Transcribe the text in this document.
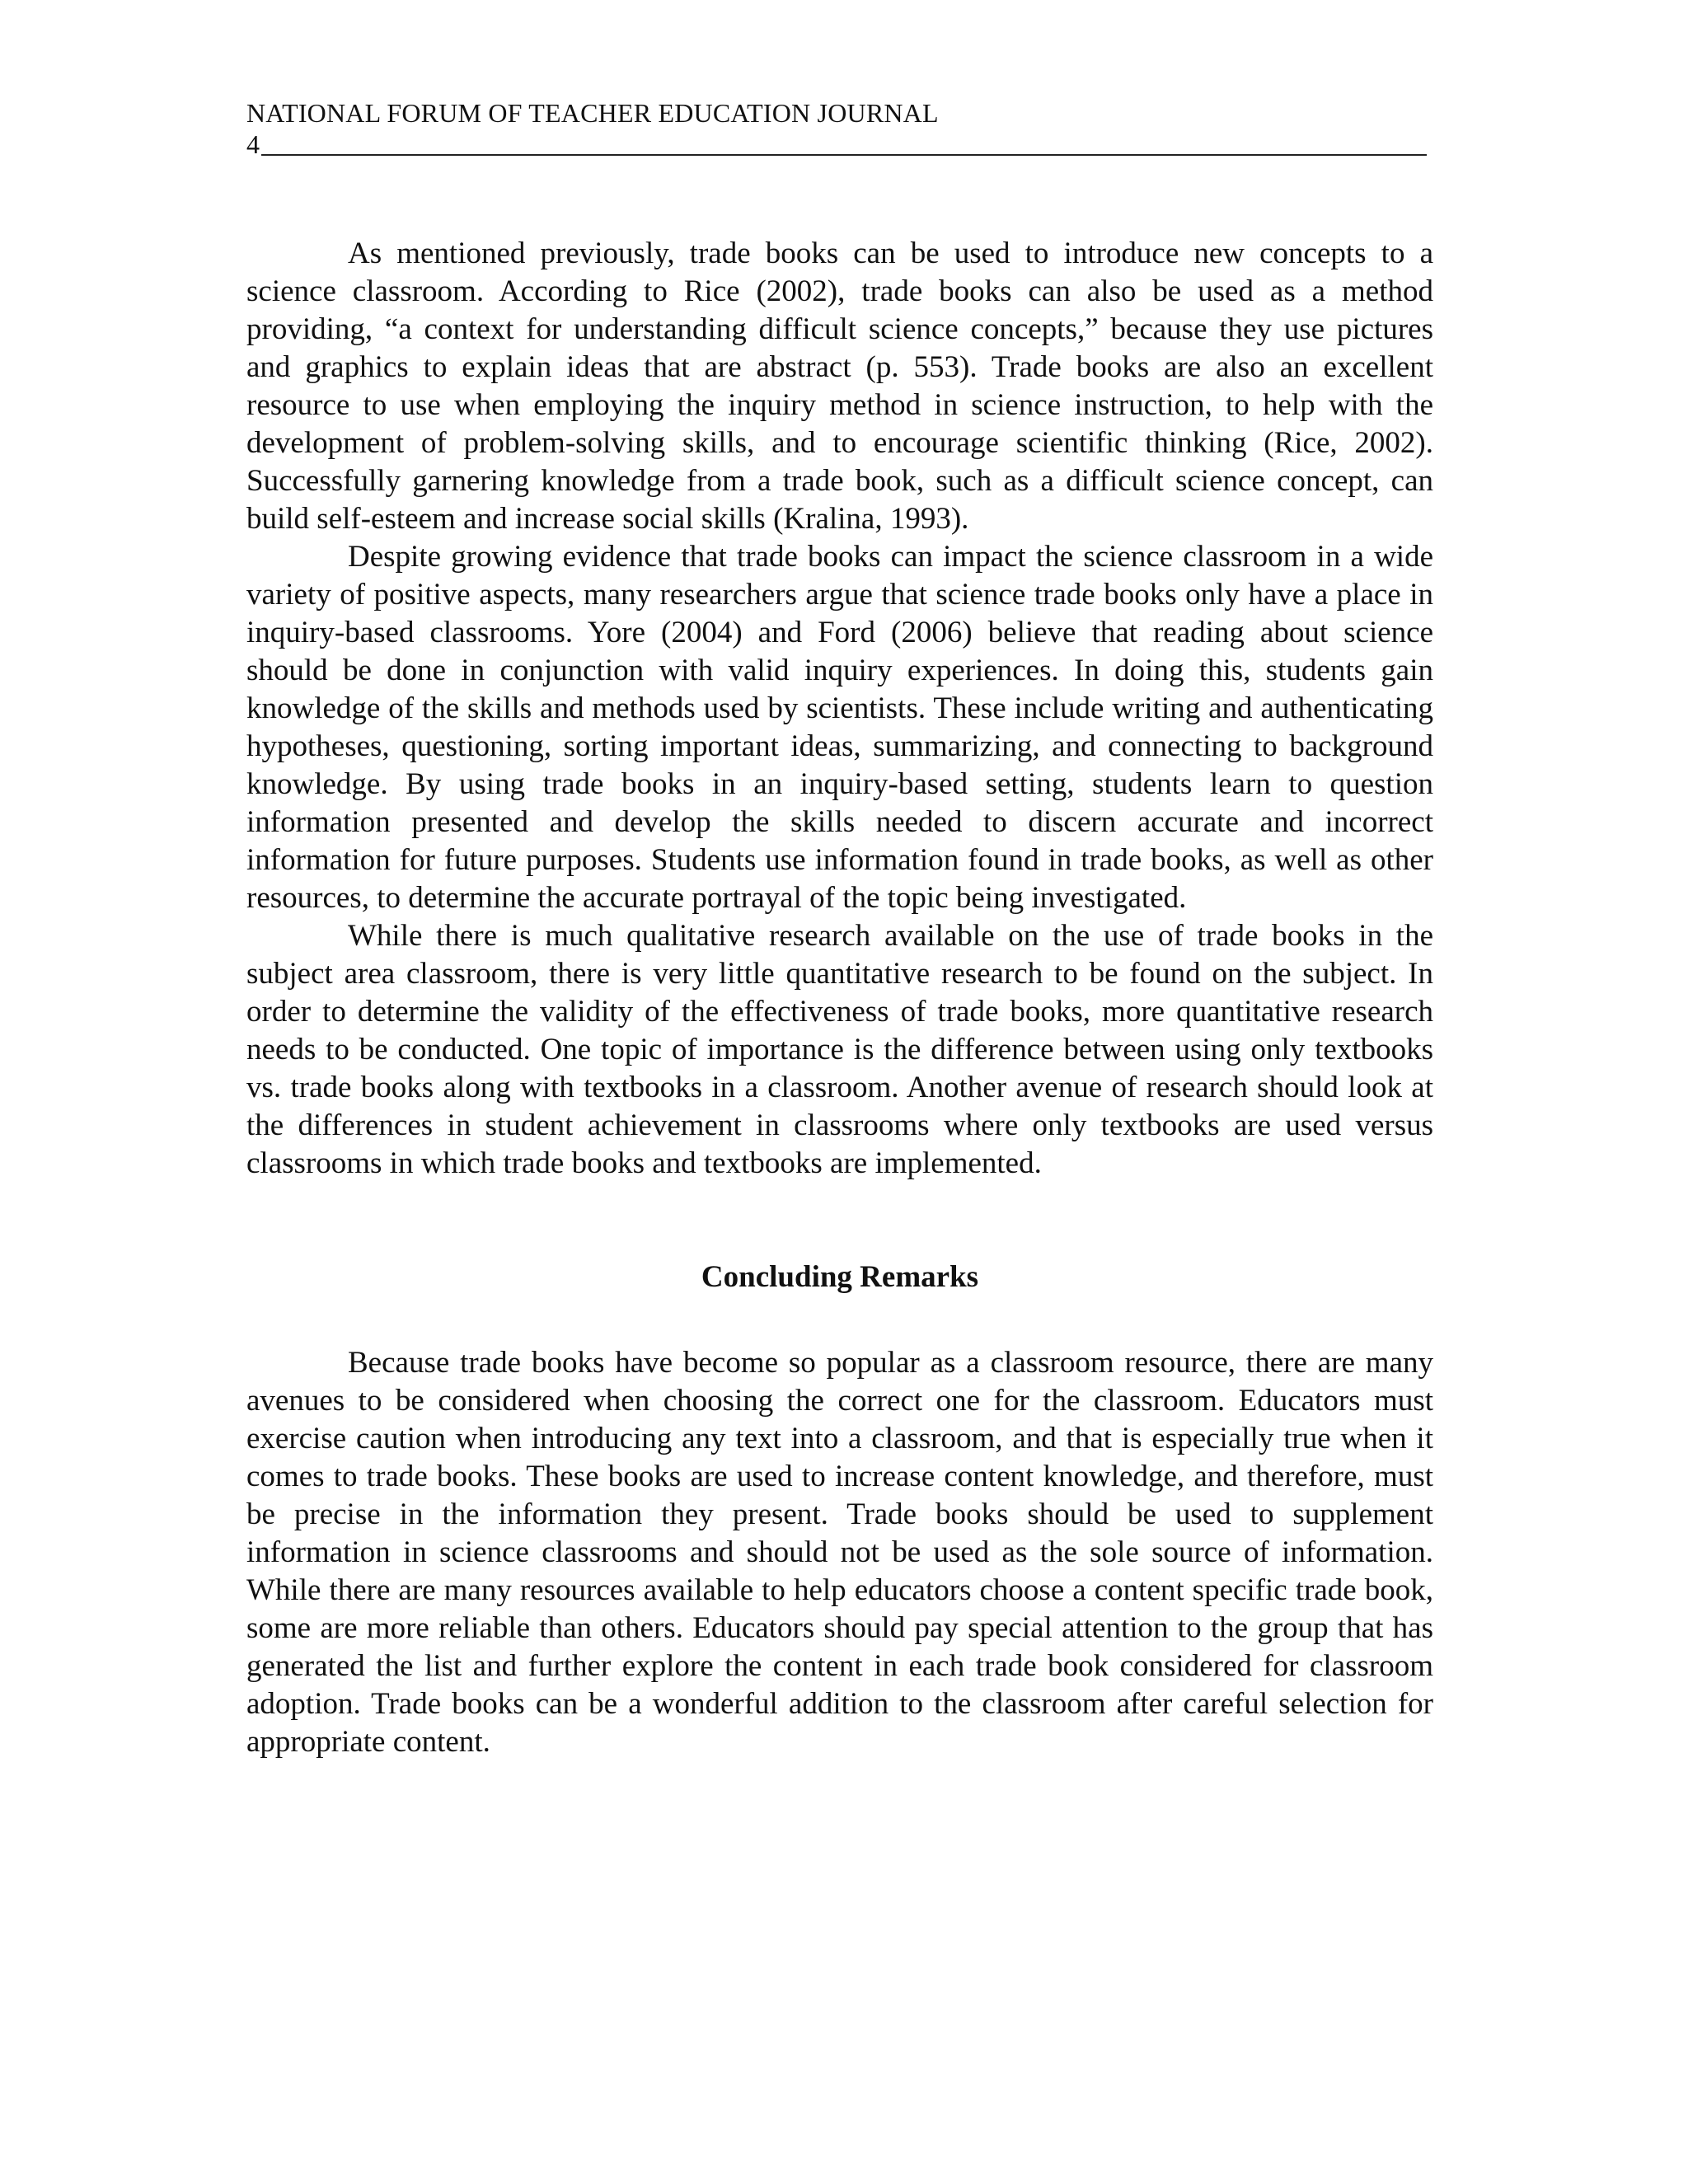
NATIONAL FORUM OF TEACHER EDUCATION JOURNAL
4

As mentioned previously, trade books can be used to introduce new concepts to a science classroom. According to Rice (2002), trade books can also be used as a method providing, “a context for understanding difficult science concepts,” because they use pictures and graphics to explain ideas that are abstract (p. 553). Trade books are also an excellent resource to use when employing the inquiry method in science instruction, to help with the development of problem-solving skills, and to encourage scientific thinking (Rice, 2002). Successfully garnering knowledge from a trade book, such as a difficult science concept, can build self-esteem and increase social skills (Kralina, 1993).

Despite growing evidence that trade books can impact the science classroom in a wide variety of positive aspects, many researchers argue that science trade books only have a place in inquiry-based classrooms. Yore (2004) and Ford (2006) believe that reading about science should be done in conjunction with valid inquiry experiences. In doing this, students gain knowledge of the skills and methods used by scientists. These include writing and authenticating hypotheses, questioning, sorting important ideas, summarizing, and connecting to background knowledge. By using trade books in an inquiry-based setting, students learn to question information presented and develop the skills needed to discern accurate and incorrect information for future purposes. Students use information found in trade books, as well as other resources, to determine the accurate portrayal of the topic being investigated.

While there is much qualitative research available on the use of trade books in the subject area classroom, there is very little quantitative research to be found on the subject. In order to determine the validity of the effectiveness of trade books, more quantitative research needs to be conducted. One topic of importance is the difference between using only textbooks vs. trade books along with textbooks in a classroom. Another avenue of research should look at the differences in student achievement in classrooms where only textbooks are used versus classrooms in which trade books and textbooks are implemented.

Concluding Remarks

Because trade books have become so popular as a classroom resource, there are many avenues to be considered when choosing the correct one for the classroom. Educators must exercise caution when introducing any text into a classroom, and that is especially true when it comes to trade books. These books are used to increase content knowledge, and therefore, must be precise in the information they present. Trade books should be used to supplement information in science classrooms and should not be used as the sole source of information. While there are many resources available to help educators choose a content specific trade book, some are more reliable than others. Educators should pay special attention to the group that has generated the list and further explore the content in each trade book considered for classroom adoption. Trade books can be a wonderful addition to the classroom after careful selection for appropriate content.
